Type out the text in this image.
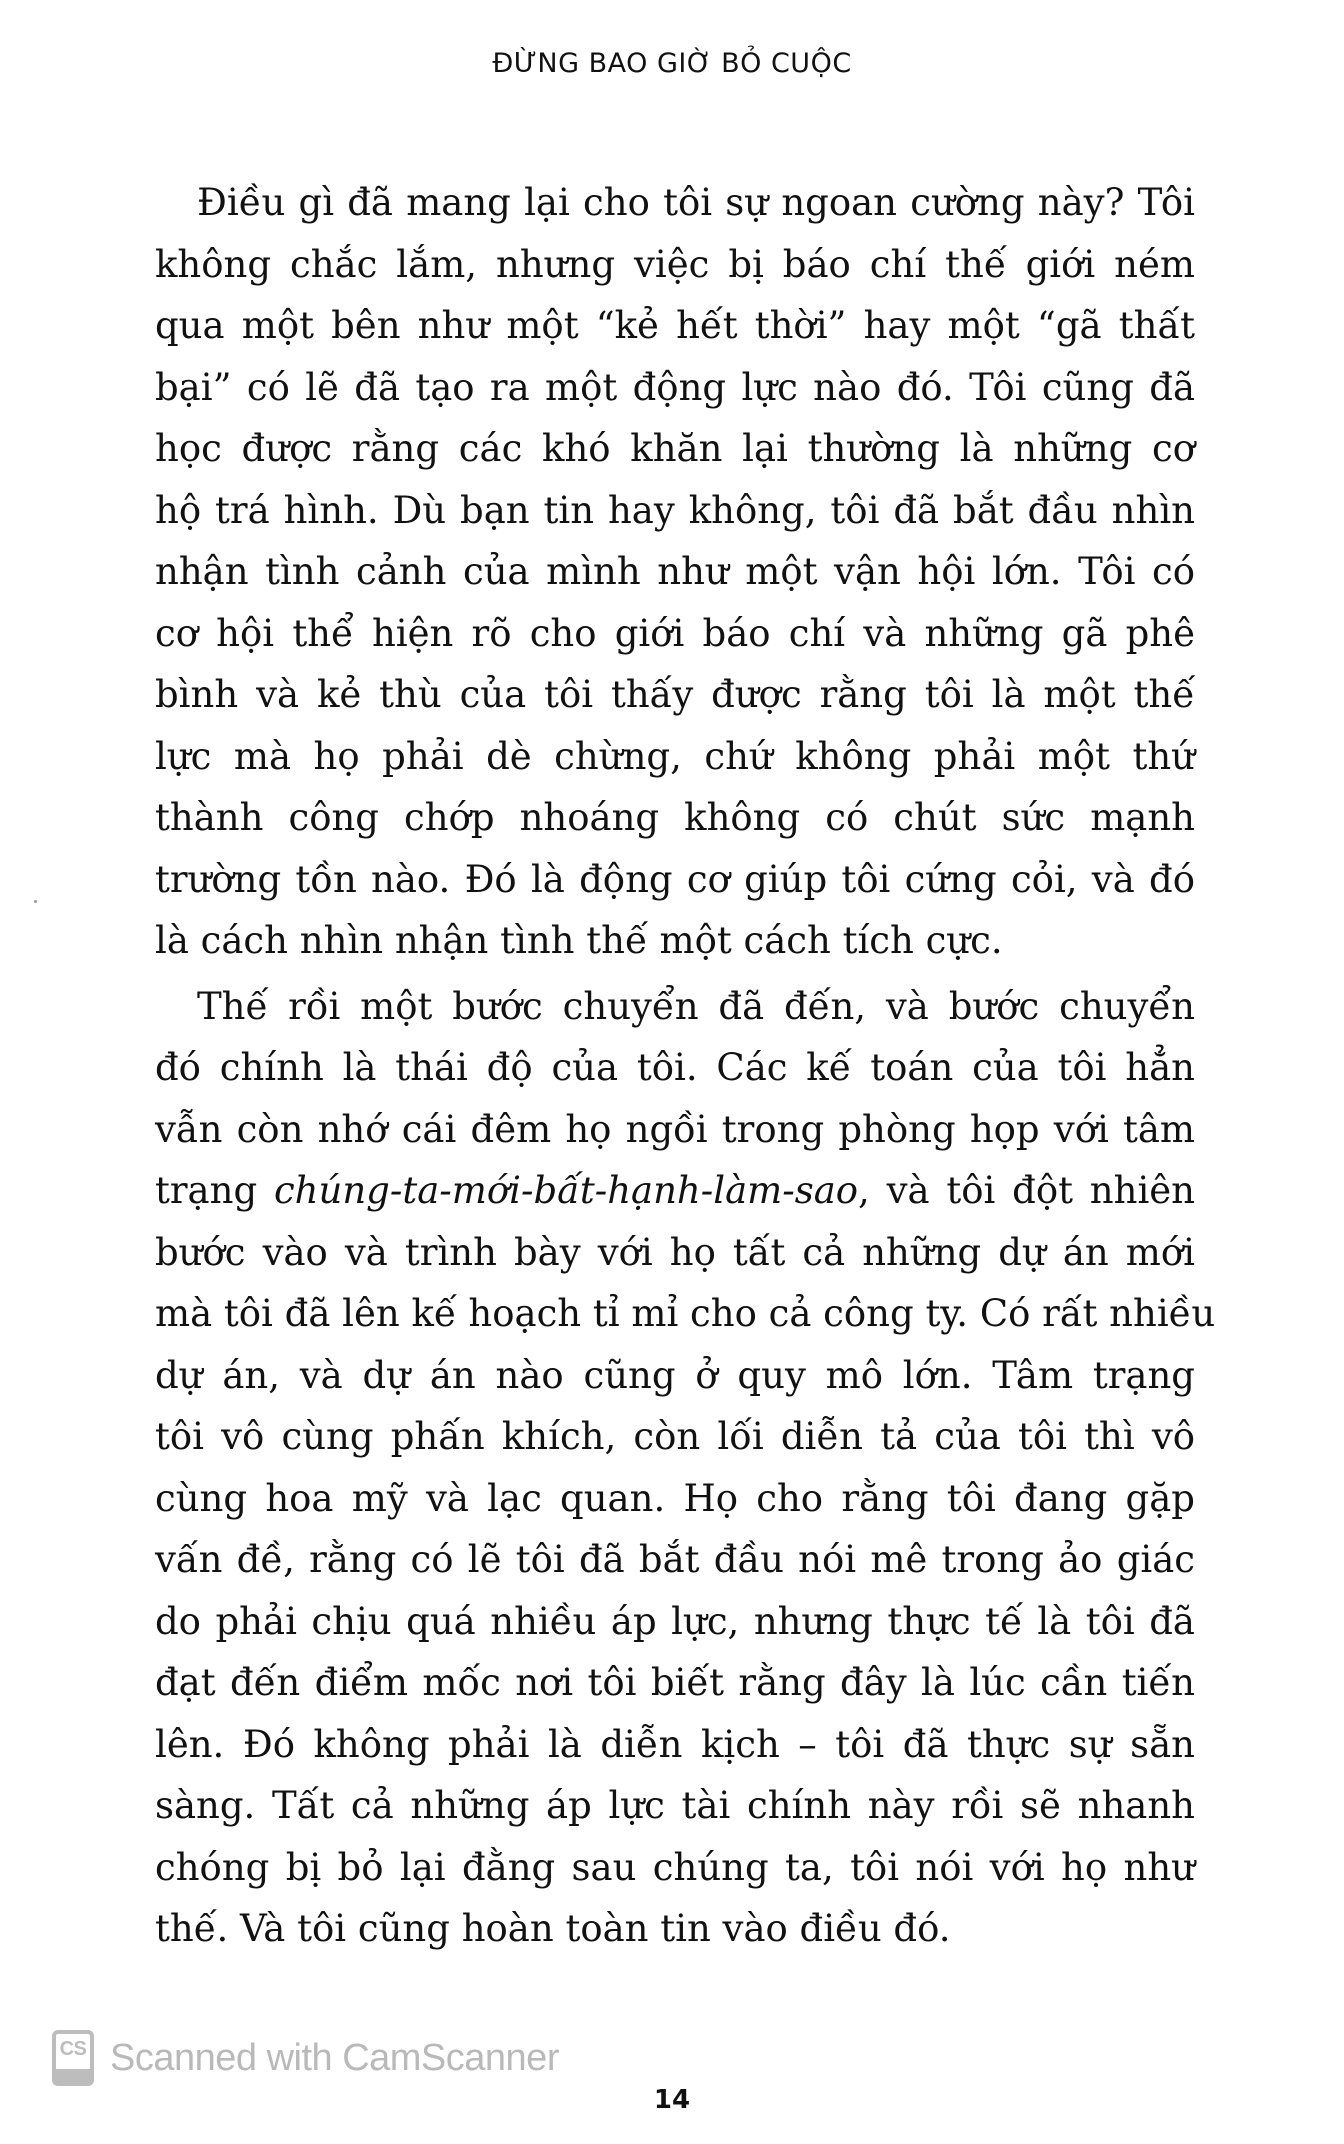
ĐỪNG BAO GIỜ BỎ CUỘC

Điều gì đã mang lại cho tôi sự ngoan cường này? Tôi
không chắc lắm, nhưng việc bị báo chí thế giới ném
qua một bên như một “kẻ hết thời” hay một “gã thất
bại” có lẽ đã tạo ra một động lực nào đó. Tôi cũng đã
học được rằng các khó khăn lại thường là những cơ
hộ trá hình. Dù bạn tin hay không, tôi đã bắt đầu nhìn
nhận tình cảnh của mình như một vận hội lớn. Tôi có
cơ hội thể hiện rõ cho giới báo chí và những gã phê
bình và kẻ thù của tôi thấy được rằng tôi là một thế
lực mà họ phải dè chừng, chứ không phải một thứ
thành công chớp nhoáng không có chút sức mạnh
trường tồn nào. Đó là động cơ giúp tôi cứng cỏi, và đó
là cách nhìn nhận tình thế một cách tích cực.

Thế rồi một bước chuyển đã đến, và bước chuyển
đó chính là thái độ của tôi. Các kế toán của tôi hẳn
vẫn còn nhớ cái đêm họ ngồi trong phòng họp với tâm
trạng chúng-ta-mới-bất-hạnh-làm-sao, và tôi đột nhiên
bước vào và trình bày với họ tất cả những dự án mới
mà tôi đã lên kế hoạch tỉ mỉ cho cả công ty. Có rất nhiều
dự án, và dự án nào cũng ở quy mô lớn. Tâm trạng
tôi vô cùng phấn khích, còn lối diễn tả của tôi thì vô
cùng hoa mỹ và lạc quan. Họ cho rằng tôi đang gặp
vấn đề, rằng có lẽ tôi đã bắt đầu nói mê trong ảo giác
do phải chịu quá nhiều áp lực, nhưng thực tế là tôi đã
đạt đến điểm mốc nơi tôi biết rằng đây là lúc cần tiến
lên. Đó không phải là diễn kịch – tôi đã thực sự sẵn
sàng. Tất cả những áp lực tài chính này rồi sẽ nhanh
chóng bị bỏ lại đằng sau chúng ta, tôi nói với họ như
thế. Và tôi cũng hoàn toàn tin vào điều đó.

CS Scanned with CamScanner
14
